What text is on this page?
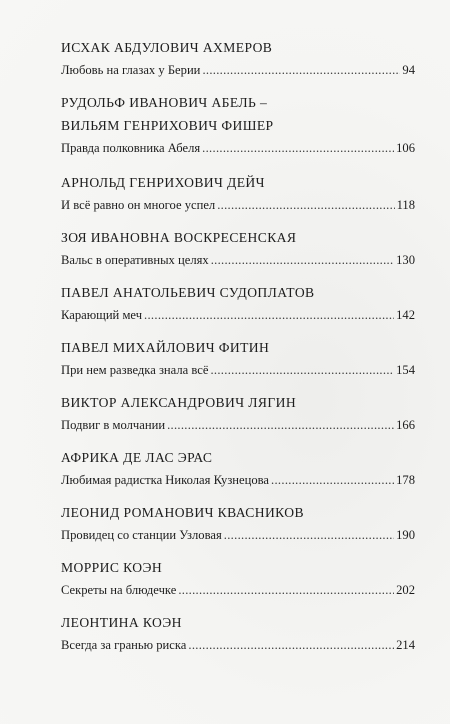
ИСХАК АБДУЛОВИЧ АХМЕРОВ
Любовь на глазах у Берии .....	94
РУДОЛЬФ ИВАНОВИЧ АБЕЛЬ –
ВИЛЬЯМ ГЕНРИХОВИЧ ФИШЕР
Правда полковника Абеля .....	106
АРНОЛЬД ГЕНРИХОВИЧ ДЕЙЧ
И всё равно он многое успел .....	118
ЗОЯ ИВАНОВНА ВОСКРЕСЕНСКАЯ
Вальс в оперативных целях .....	130
ПАВЕЛ АНАТОЛЬЕВИЧ СУДОПЛАТОВ
Карающий меч .....	142
ПАВЕЛ МИХАЙЛОВИЧ ФИТИН
При нем разведка знала всё .....	154
ВИКТОР АЛЕКСАНДРОВИЧ ЛЯГИН
Подвиг в молчании .....	166
АФРИКА ДЕ ЛАС ЭРАС
Любимая радистка Николая Кузнецова .....	178
ЛЕОНИД РОМАНОВИЧ КВАСНИКОВ
Провидец со станции Узловая .....	190
МОРРИС КОЭН
Секреты на блюдечке .....	202
ЛЕОНТИНА КОЭН
Всегда за гранью риска .....	214
